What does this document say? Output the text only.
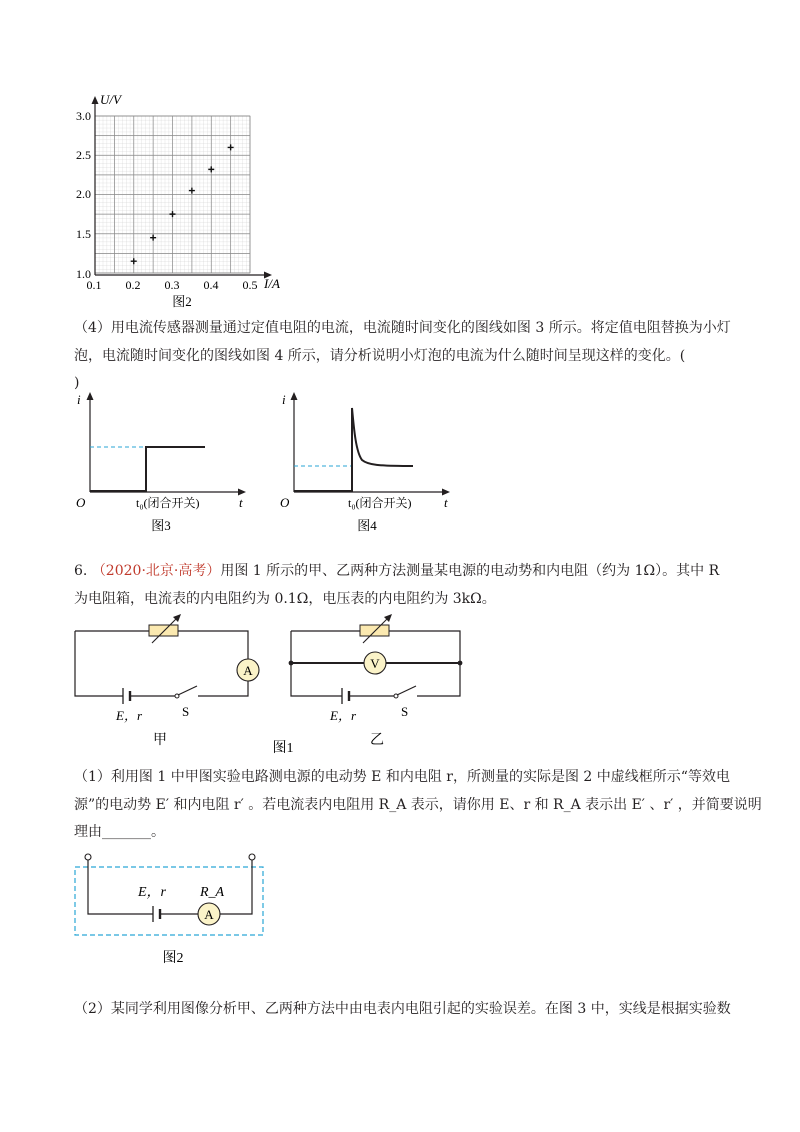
U/V
I/A
3.0
2.5
2.0
1.5
1.0
0.1 0.2 0.3 0.4 0.5
图2
（4）用电流传感器测量通过定值电阻的电流，电流随时间变化的图线如图 3 所示。将定值电阻替换为小灯
泡，电流随时间变化的图线如图 4 所示，请分析说明小灯泡的电流为什么随时间呈现这样的变化。(
)
i
t
O	t₀(闭合开关)
图3
i
t
O	t₀(闭合开关)
图4
6. （2020·北京·高考）用图 1 所示的甲、乙两种方法测量某电源的电动势和内电阻（约为 1Ω）。其中 R
为电阻箱，电流表的内电阻约为 0.1Ω，电压表的内电阻约为 3kΩ。
A
E，r	S
甲
V
E，r	S
乙
图1
（1）利用图 1 中甲图实验电路测电源的电动势 E 和内电阻 r，所测量的实际是图 2 中虚线框所示“等效电
源”的电动势 E′ 和内电阻 r′ 。若电流表内电阻用 R_A 表示，请你用 E、r 和 R_A 表示出 E′ 、r′ ，并简要说明
理由_______。
A
E，r R_A
图2
（2）某同学利用图像分析甲、乙两种方法中由电表内电阻引起的实验误差。在图 3 中，实线是根据实验数
